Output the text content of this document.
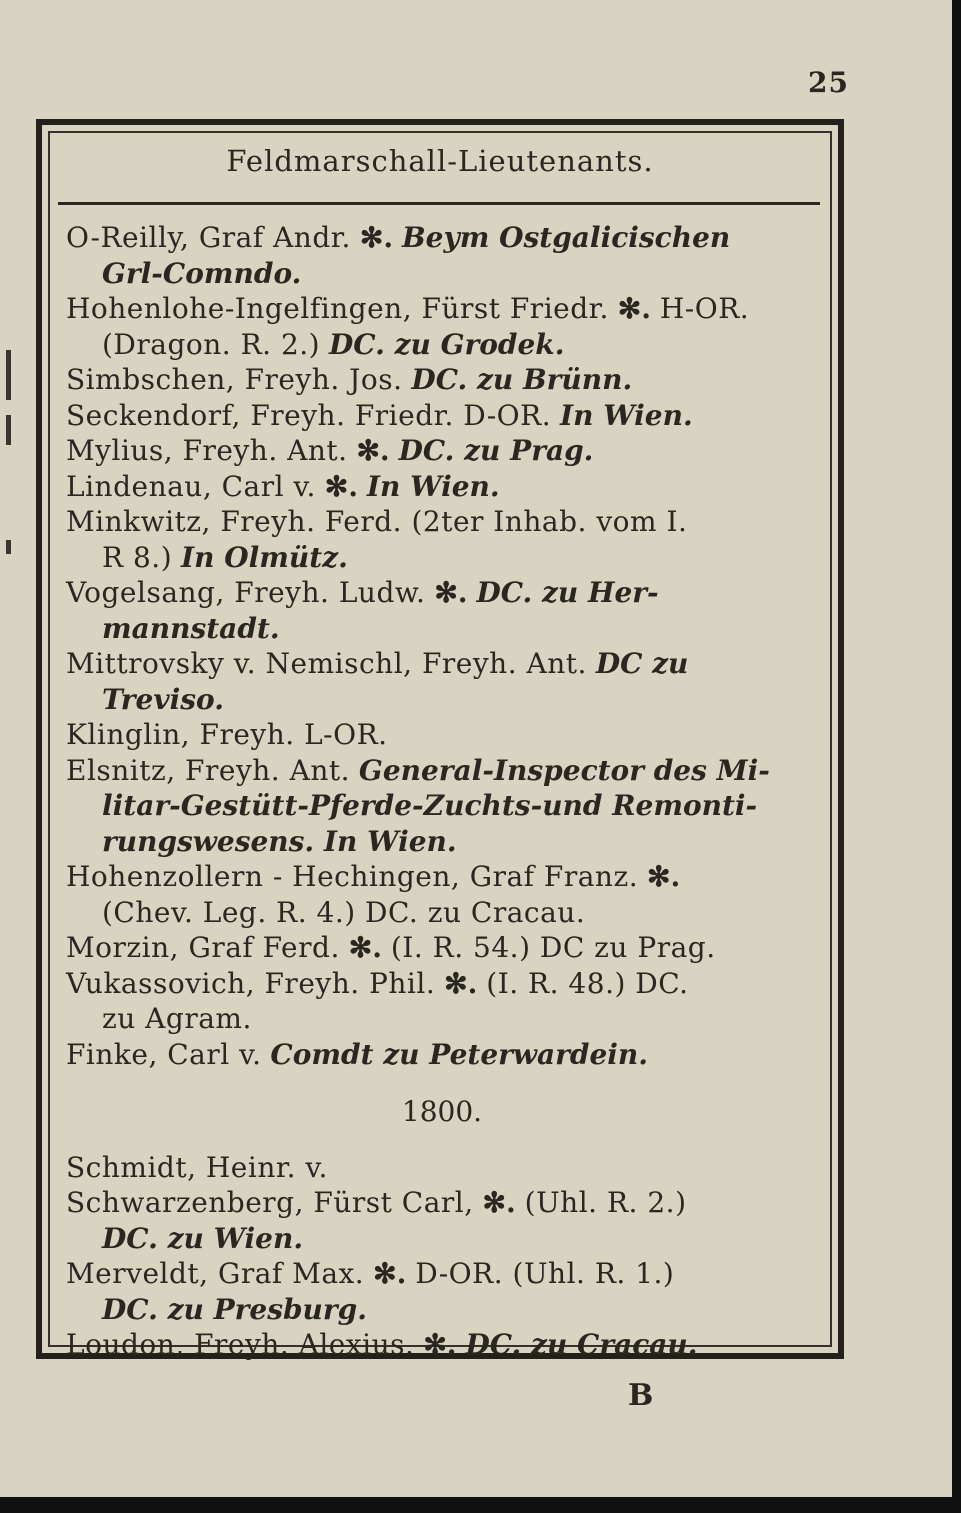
25
Feldmarschall-Lieutenants.
O-Reilly, Graf Andr. ✻. Beym Ostgalicischen
Grl-Comndo.
Hohenlohe-Ingelfingen, Fürst Friedr. ✻. H-OR.
(Dragon. R. 2.) DC. zu Grodek.
Simbschen, Freyh. Jos. DC. zu Brünn.
Seckendorf, Freyh. Friedr. D-OR. In Wien.
Mylius, Freyh. Ant. ✻. DC. zu Prag.
Lindenau, Carl v. ✻. In Wien.
Minkwitz, Freyh. Ferd. (2ter Inhab. vom I.
R 8.) In Olmütz.
Vogelsang, Freyh. Ludw. ✻. DC. zu Her-
mannstadt.
Mittrovsky v. Nemischl, Freyh. Ant. DC zu
Treviso.
Klinglin, Freyh. L-OR.
Elsnitz, Freyh. Ant. General-Inspector des Mi-
litar-Gestütt-Pferde-Zuchts-und Remonti-
rungswesens. In Wien.
Hohenzollern - Hechingen, Graf Franz. ✻.
(Chev. Leg. R. 4.) DC. zu Cracau.
Morzin, Graf Ferd. ✻. (I. R. 54.) DC zu Prag.
Vukassovich, Freyh. Phil. ✻. (I. R. 48.) DC.
zu Agram.
Finke, Carl v. Comdt zu Peterwardein.
1800.
Schmidt, Heinr. v.
Schwarzenberg, Fürst Carl, ✻. (Uhl. R. 2.)
DC. zu Wien.
Merveldt, Graf Max. ✻. D-OR. (Uhl. R. 1.)
DC. zu Presburg.
Loudon, Freyh. Alexius. ✻. DC. zu Cracau.
B
